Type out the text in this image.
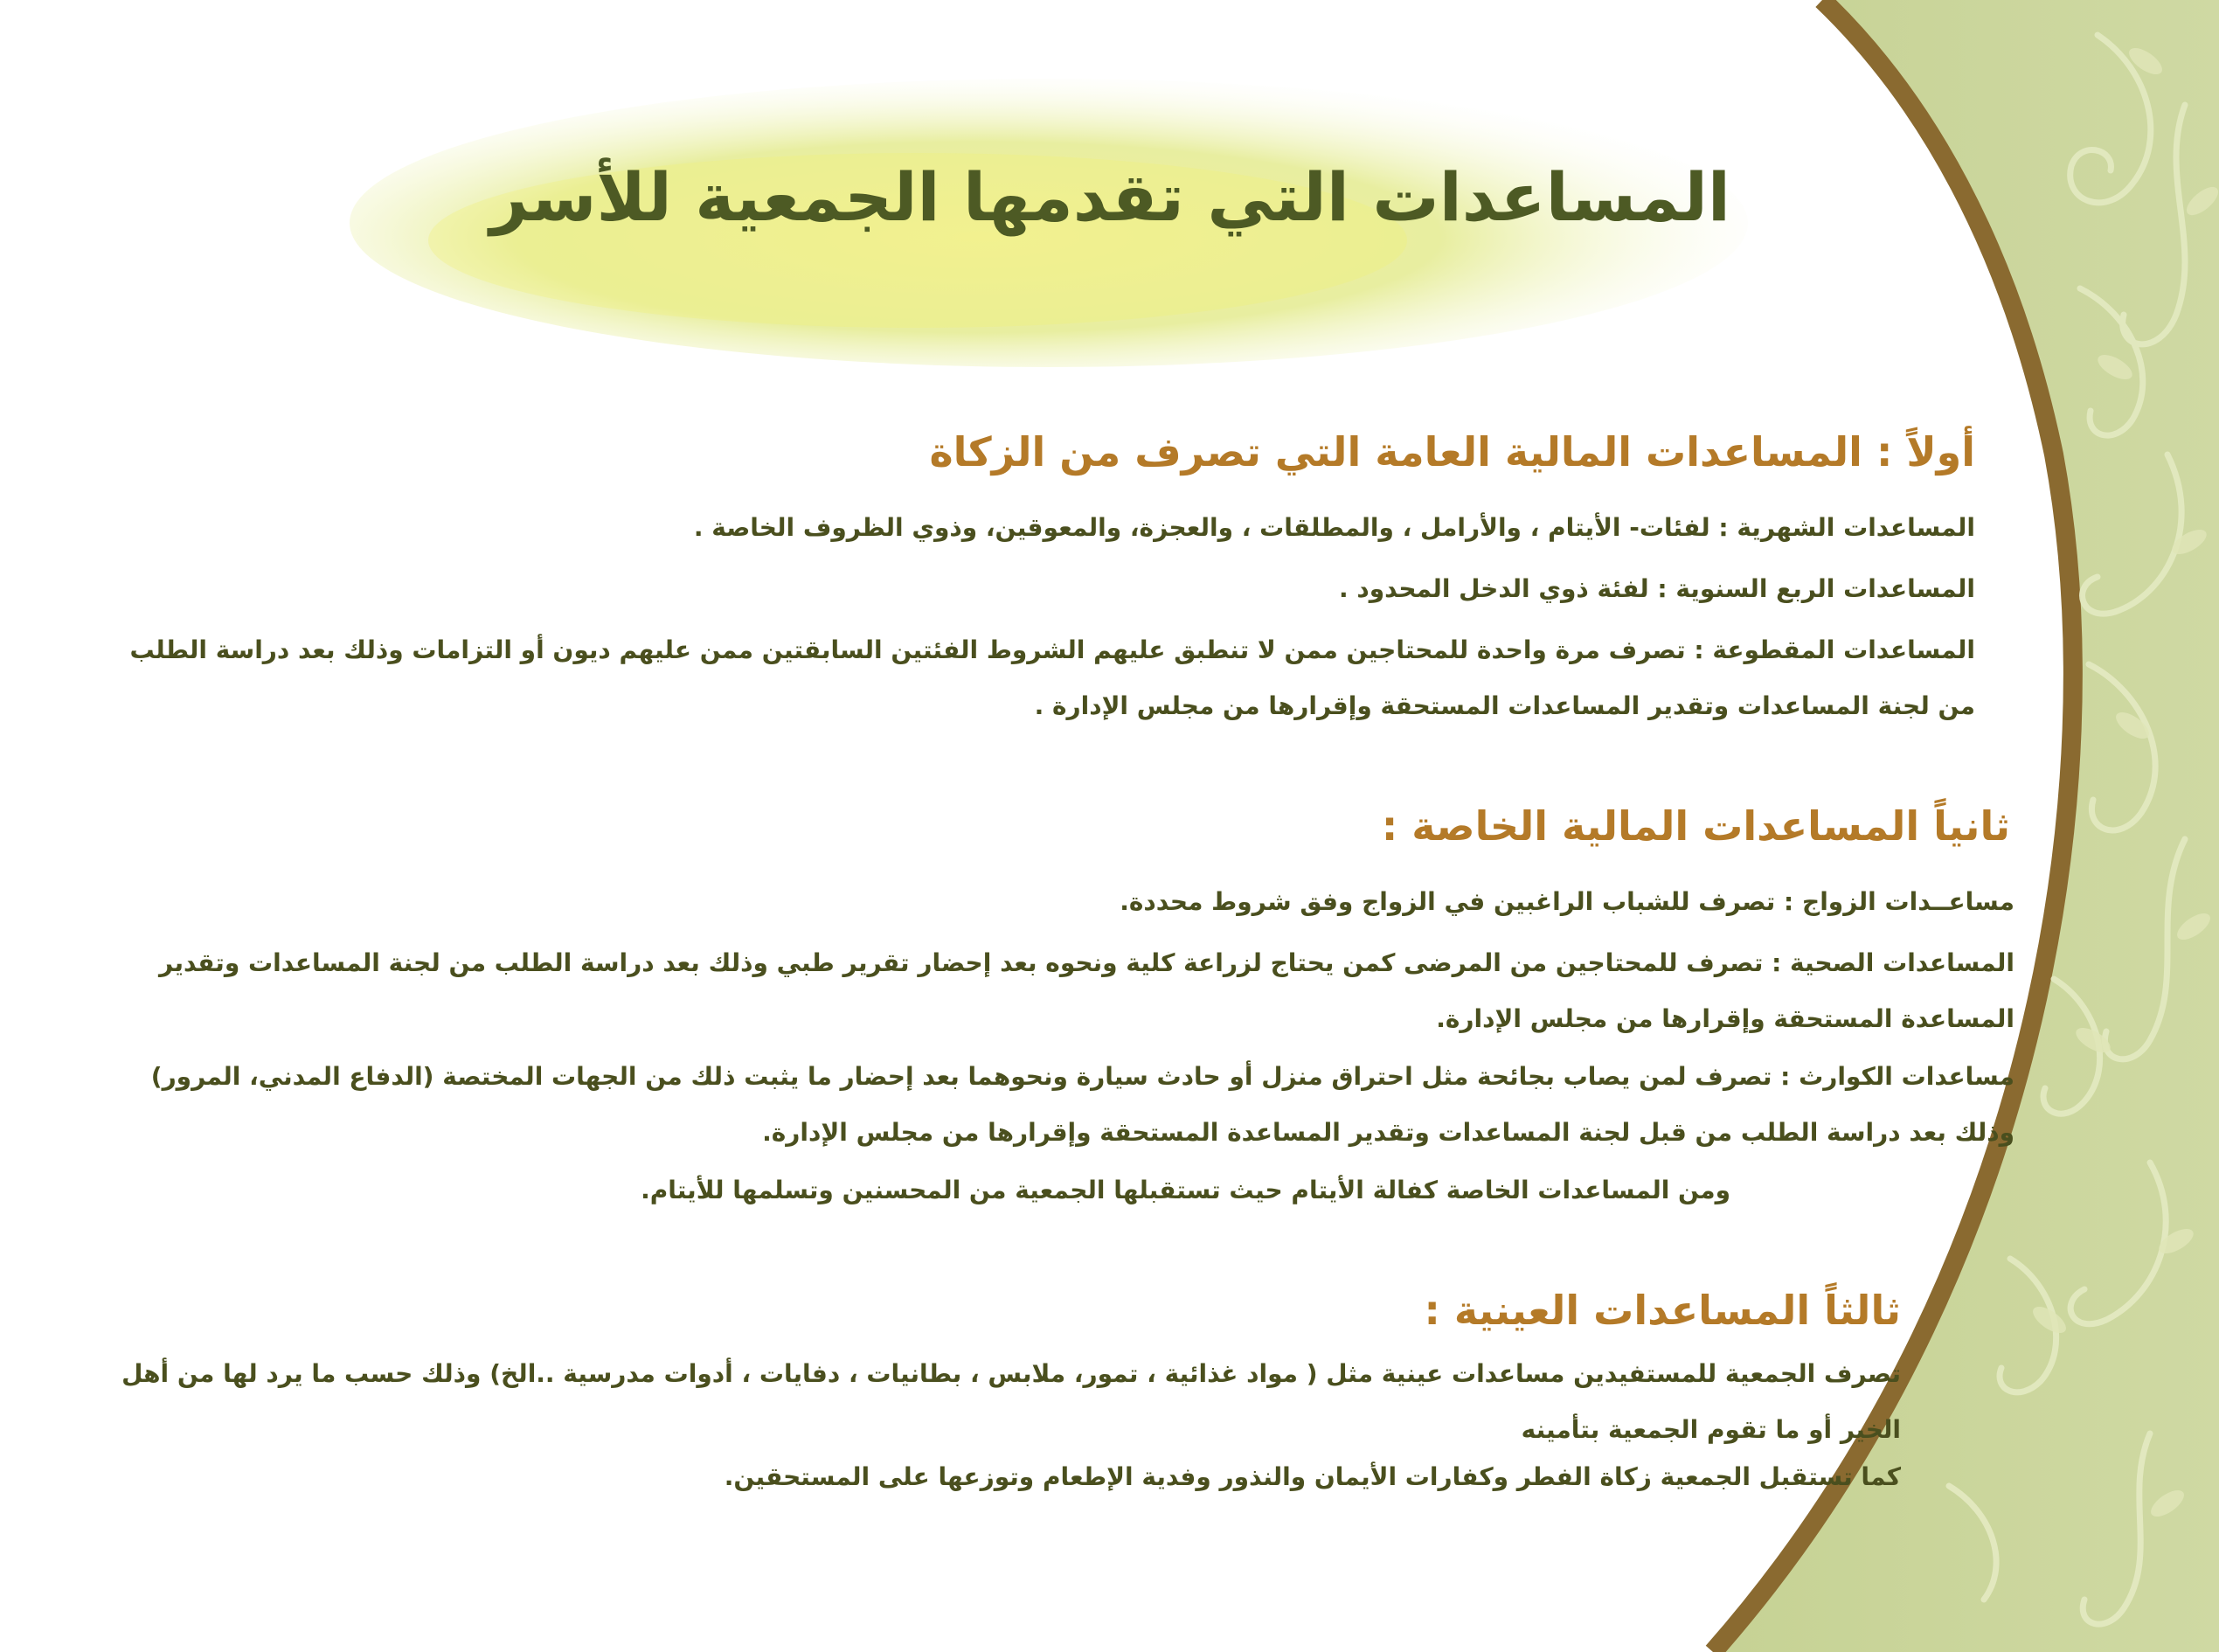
المساعدات التي تقدمها الجمعية للأسر
أولاً : المساعدات المالية العامة التي تصرف من الزكاة

المساعدات الشهرية : لفئات- الأيتام ، والأرامل ، والمطلقات ، والعجزة، والمعوقين، وذوي الظروف الخاصة .

المساعدات الربع السنوية : لفئة ذوي الدخل المحدود .

المساعدات المقطوعة : تصرف مرة واحدة للمحتاجين ممن لا تنطبق عليهم الشروط الفئتين السابقتين ممن عليهم ديون أو التزامات وذلك بعد دراسة الطلب من لجنة المساعدات وتقدير المساعدات المستحقة وإقرارها من مجلس الإدارة .

ثانياً المساعدات المالية الخاصة :

مساعــدات الزواج : تصرف للشباب الراغبين في الزواج وفق شروط محددة.

المساعدات الصحية : تصرف للمحتاجين من المرضى كمن يحتاج لزراعة كلية ونحوه بعد إحضار تقرير طبي وذلك بعد دراسة الطلب من لجنة المساعدات وتقدير المساعدة المستحقة وإقرارها من مجلس الإدارة.

مساعدات الكوارث : تصرف لمن يصاب بجائحة مثل احتراق منزل أو حادث سيارة ونحوهما بعد إحضار ما يثبت ذلك من الجهات المختصة (الدفاع المدني، المرور) وذلك بعد دراسة الطلب من قبل لجنة المساعدات وتقدير المساعدة المستحقة وإقرارها من مجلس الإدارة.

ومن المساعدات الخاصة كفالة الأيتام حيث تستقبلها الجمعية من المحسنين وتسلمها للأيتام.

ثالثاً المساعدات العينية :

تصرف الجمعية للمستفيدين مساعدات عينية مثل ( مواد غذائية ، تمور، ملابس ، بطانيات ، دفايات ، أدوات مدرسية ..الخ) وذلك حسب ما يرد لها من أهل الخير أو ما تقوم الجمعية بتأمينه

كما تستقبل الجمعية زكاة الفطر وكفارات الأيمان والنذور وفدية الإطعام وتوزعها على المستحقين.
